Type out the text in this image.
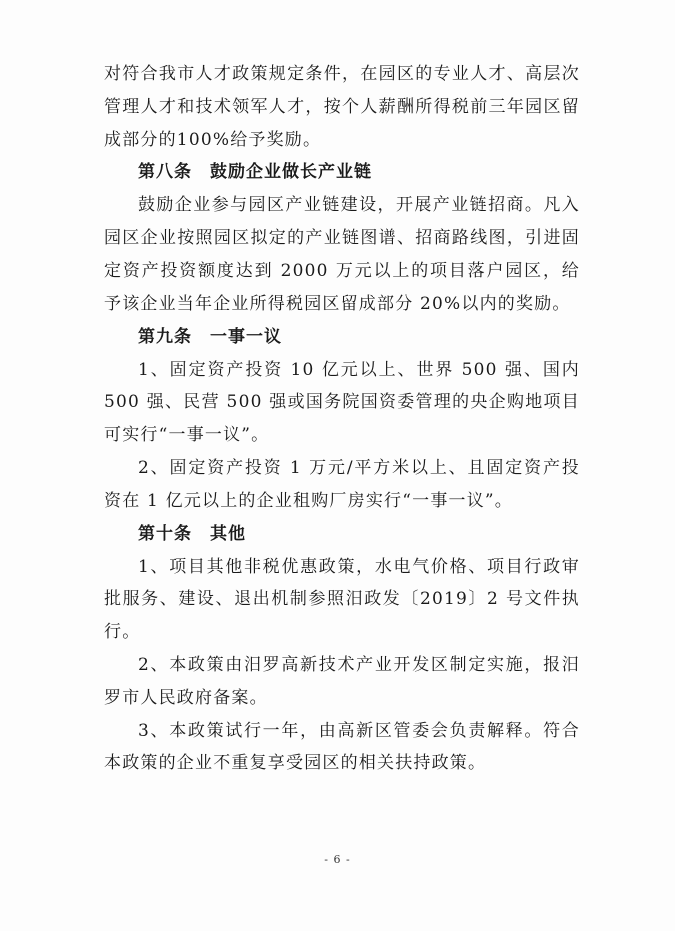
对符合我市人才政策规定条件，在园区的专业人才、高层次管理人才和技术领军人才，按个人薪酬所得税前三年园区留成部分的100%给予奖励。

第八条 鼓励企业做长产业链

鼓励企业参与园区产业链建设，开展产业链招商。凡入园区企业按照园区拟定的产业链图谱、招商路线图，引进固定资产投资额度达到 2000 万元以上的项目落户园区，给予该企业当年企业所得税园区留成部分 20%以内的奖励。

第九条 一事一议

1、固定资产投资 10 亿元以上、世界 500 强、国内 500 强、民营 500 强或国务院国资委管理的央企购地项目可实行“一事一议”。

2、固定资产投资 1 万元/平方米以上、且固定资产投资在 1 亿元以上的企业租购厂房实行“一事一议”。

第十条 其他

1、项目其他非税优惠政策，水电气价格、项目行政审批服务、建设、退出机制参照汨政发〔2019〕2 号文件执行。

2、本政策由汨罗高新技术产业开发区制定实施，报汨罗市人民政府备案。

3、本政策试行一年，由高新区管委会负责解释。符合本政策的企业不重复享受园区的相关扶持政策。

- 6 -
